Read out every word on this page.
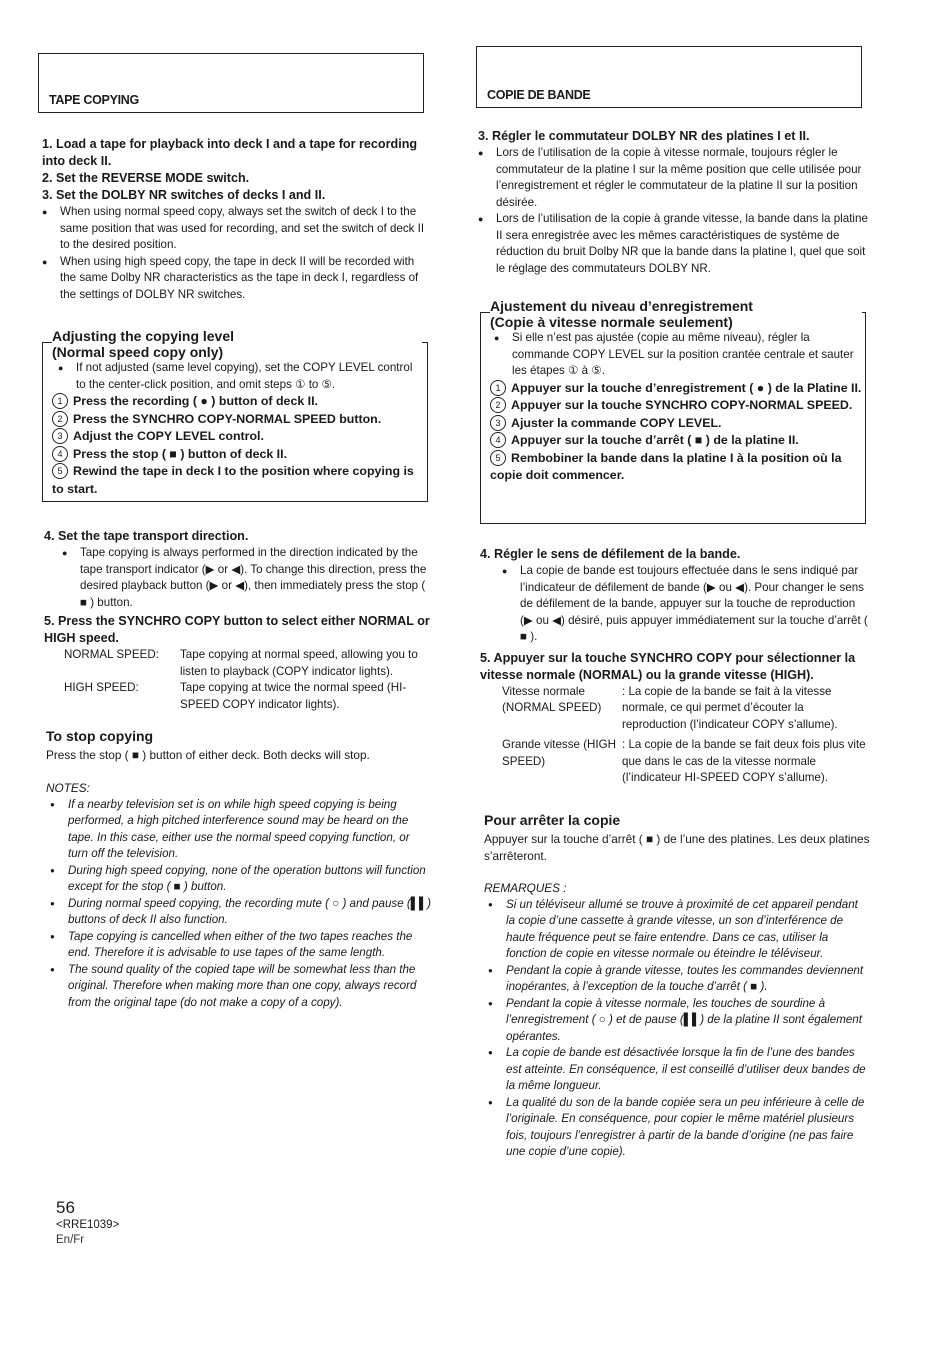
TAPE COPYING

1. Load a tape for playback into deck I and a tape for recording into deck II.

2. Set the REVERSE MODE switch.

3. Set the DOLBY NR switches of decks I and II.

● When using normal speed copy, always set the switch of deck I to the same position that was used for recording, and set the switch of deck II to the desired position.

● When using high speed copy, the tape in deck II will be recorded with the same Dolby NR characteristics as the tape in deck I, regardless of the settings of DOLBY NR switches.

Adjusting the copying level

(Normal speed copy only)

● If not adjusted (same level copying), set the COPY LEVEL control to the center-click position, and omit steps ① to ⑤.

1 Press the recording ( ● ) button of deck II.

2 Press the SYNCHRO COPY-NORMAL SPEED button.

3 Adjust the COPY LEVEL control.

4 Press the stop ( ■ ) button of deck II.

5 Rewind the tape in deck I to the position where copying is to start.

4. Set the tape transport direction.

● Tape copying is always performed in the direction indicated by the tape transport indicator (▶ or ◀). To change this direction, press the desired playback button (▶ or ◀), then immediately press the stop ( ■ ) button.

5. Press the SYNCHRO COPY button to select either NORMAL or HIGH speed.

NORMAL SPEED:	Tape copying at normal speed, allowing you to listen to playback (COPY indicator lights).
HIGH SPEED:	Tape copying at twice the normal speed (HI-SPEED COPY indicator lights).

To stop copying

Press the stop ( ■ ) button of either deck. Both decks will stop.

NOTES:

● If a nearby television set is on while high speed copying is being performed, a high pitched interference sound may be heard on the tape. In this case, either use the normal speed copying function, or turn off the television.

● During high speed copying, none of the operation buttons will function except for the stop ( ■ ) button.

● During normal speed copying, the recording mute ( ○ ) and pause (▌▌) buttons of deck II also function.

● Tape copying is cancelled when either of the two tapes reaches the end. Therefore it is advisable to use tapes of the same length.

● The sound quality of the copied tape will be somewhat less than the original. Therefore when making more than one copy, always record from the original tape (do not make a copy of a copy).

COPIE DE BANDE

3. Régler le commutateur DOLBY NR des platines I et II.

● Lors de l’utilisation de la copie à vitesse normale, toujours régler le commutateur de la platine I sur la même position que celle utilisée pour l’enregistrement et régler le commutateur de la platine II sur la position désirée.

● Lors de l’utilisation de la copie à grande vitesse, la bande dans la platine II sera enregistrée avec les mêmes caractéristiques de système de réduction du bruit Dolby NR que la bande dans la platine I, quel que soit le réglage des commutateurs DOLBY NR.

Ajustement du niveau d’enregistrement

(Copie à vitesse normale seulement)

● Si elle n’est pas ajustée (copie au même niveau), régler la commande COPY LEVEL sur la position crantée centrale et sauter les étapes ① à ⑤.

1 Appuyer sur la touche d’enregistrement ( ● ) de la Platine II.

2 Appuyer sur la touche SYNCHRO COPY-NORMAL SPEED.

3 Ajuster la commande COPY LEVEL.

4 Appuyer sur la touche d’arrêt ( ■ ) de la platine II.

5 Rembobiner la bande dans la platine I à la position où la copie doit commencer.

4. Régler le sens de défilement de la bande.

● La copie de bande est toujours effectuée dans le sens indiqué par l’indicateur de défilement de bande (▶ ou ◀). Pour changer le sens de défilement de la bande, appuyer sur la touche de reproduction (▶ ou ◀) désiré, puis appuyer immédiatement sur la touche d’arrêt ( ■ ).

5. Appuyer sur la touche SYNCHRO COPY pour sélectionner la vitesse normale (NORMAL) ou la grande vitesse (HIGH).

Vitesse normale (NORMAL SPEED)
: La copie de la bande se fait à la vitesse normale, ce qui permet d’écouter la reproduction (l’indicateur COPY s’allume).
Grande vitesse (HIGH SPEED)
: La copie de la bande se fait deux fois plus vite que dans le cas de la vitesse normale (l’indicateur HI-SPEED COPY s’allume).

Pour arrêter la copie

Appuyer sur la touche d’arrêt ( ■ ) de l’une des platines. Les deux platines s’arrêteront.

REMARQUES :

● Si un téléviseur allumé se trouve à proximité de cet appareil pendant la copie d’une cassette à grande vitesse, un son d’interférence de haute fréquence peut se faire entendre. Dans ce cas, utiliser la fonction de copie en vitesse normale ou éteindre le téléviseur.

● Pendant la copie à grande vitesse, toutes les commandes deviennent inopérantes, à l’exception de la touche d’arrêt ( ■ ).

● Pendant la copie à vitesse normale, les touches de sourdine à l’enregistrement ( ○ ) et de pause (▌▌) de la platine II sont également opérantes.

● La copie de bande est désactivée lorsque la fin de l’une des bandes est atteinte. En conséquence, il est conseillé d’utiliser deux bandes de la même longueur.

● La qualité du son de la bande copiée sera un peu inférieure à celle de l’originale. En conséquence, pour copier le même matériel plusieurs fois, toujours l’enregistrer à partir de la bande d’origine (ne pas faire une copie d’une copie).

56

<RRE1039>

En/Fr
